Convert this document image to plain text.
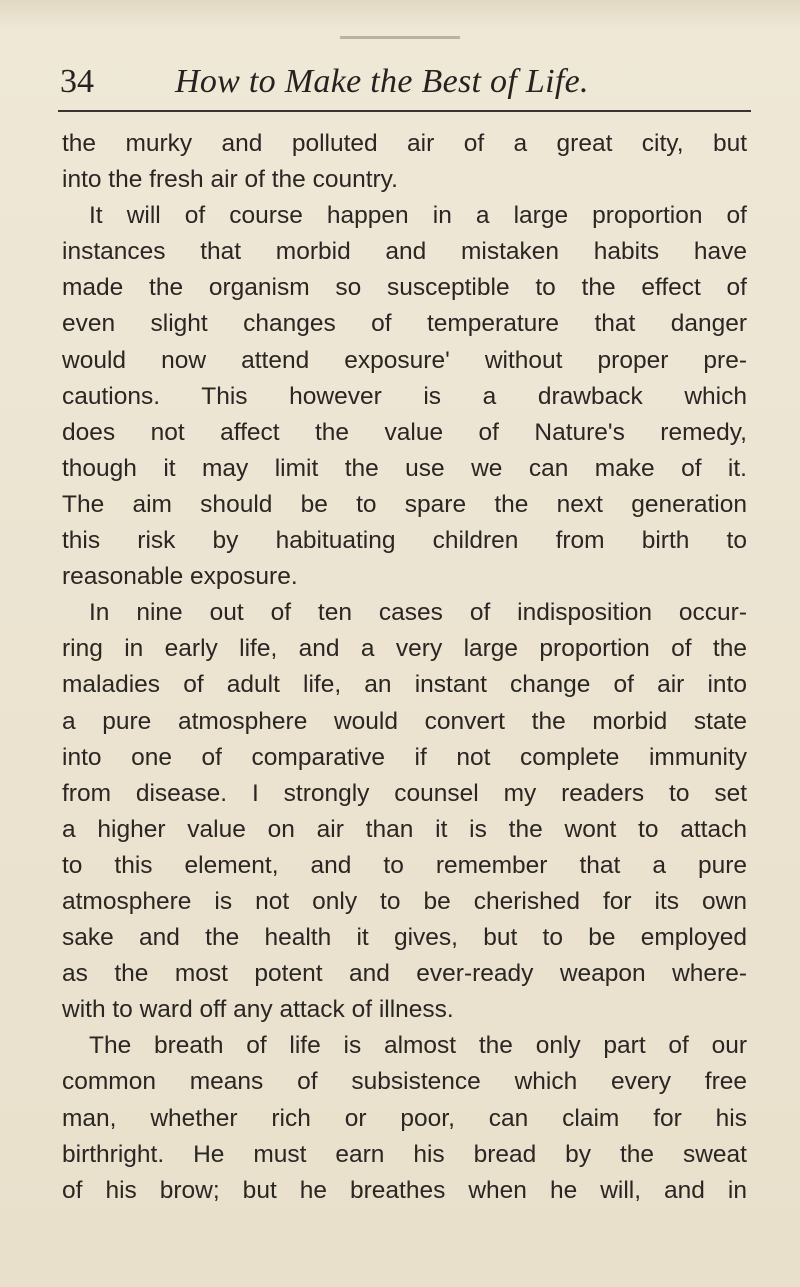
34 How to Make the Best of Life.
the murky and polluted air of a great city, but
into the fresh air of the country.
It will of course happen in a large proportion of
instances that morbid and mistaken habits have
made the organism so susceptible to the effect of
even slight changes of temperature that danger
would now attend exposure' without proper pre-
cautions. This however is a drawback which
does not affect the value of Nature's remedy,
though it may limit the use we can make of it.
The aim should be to spare the next generation
this risk by habituating children from birth to
reasonable exposure.
In nine out of ten cases of indisposition occur-
ring in early life, and a very large proportion of the
maladies of adult life, an instant change of air into
a pure atmosphere would convert the morbid state
into one of comparative if not complete immunity
from disease. I strongly counsel my readers to set
a higher value on air than it is the wont to attach
to this element, and to remember that a pure
atmosphere is not only to be cherished for its own
sake and the health it gives, but to be employed
as the most potent and ever-ready weapon where-
with to ward off any attack of illness.
The breath of life is almost the only part of our
common means of subsistence which every free
man, whether rich or poor, can claim for his
birthright. He must earn his bread by the sweat
of his brow; but he breathes when he will, and in
